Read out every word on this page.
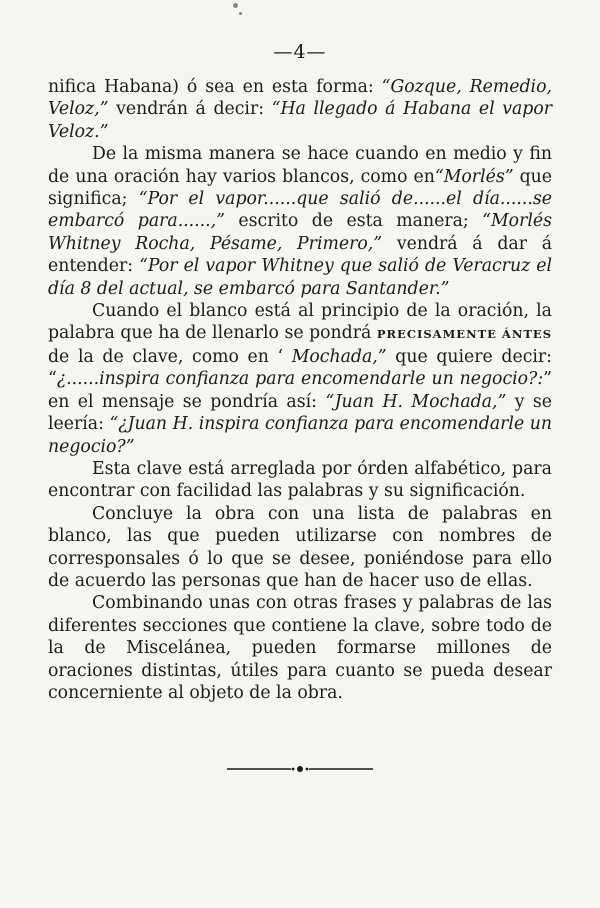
—4—

nifica Habana) ó sea en esta forma: “Gozque, Remedio, Veloz,” vendrán á decir: “Ha llegado á Habana el vapor Veloz.”

De la misma manera se hace cuando en medio y fin de una oración hay varios blancos, como en“Morlés” que significa; “Por el vapor......que salió de......el día......se embarcó para......,” escrito de esta manera; “Morlés Whitney Rocha, Pésame, Primero,” vendrá á dar á entender: “Por el vapor Whitney que salió de Veracruz el día 8 del actual, se embarcó para Santander.”

Cuando el blanco está al principio de la oración, la palabra que ha de llenarlo se pondrá PRECISAMENTE ÁNTES de la de clave, como en ‘ Mochada,” que quiere decir: “¿......inspira confianza para encomendarle un negocio?:” en el mensaje se pondría así: “Juan H. Mochada,” y se leería: “¿Juan H. inspira confianza para encomendarle un negocio?”

Esta clave está arreglada por órden alfabético, para encontrar con facilidad las palabras y su significación.

Concluye la obra con una lista de palabras en blanco, las que pueden utilizarse con nombres de corresponsales ó lo que se desee, poniéndose para ello de acuerdo las personas que han de hacer uso de ellas.

Combinando unas con otras frases y palabras de las diferentes secciones que contiene la clave, sobre todo de la de Miscelánea, pueden formarse millones de oraciones distintas, útiles para cuanto se pueda desear concerniente al objeto de la obra.
